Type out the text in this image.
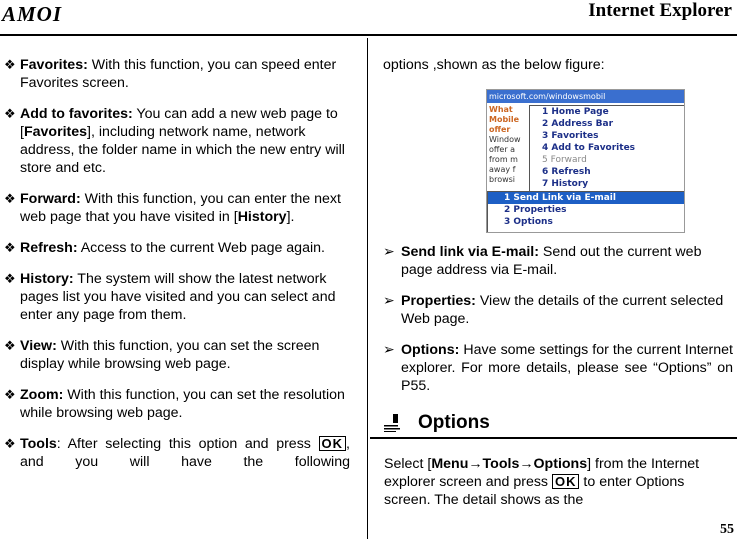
AMOI	Internet Explorer
❖ Favorites: With this function, you can speed enter Favorites screen.
❖ Add to favorites: You can add a new web page to [Favorites], including network name, network address, the folder name in which the new entry will store and etc.
❖ Forward: With this function, you can enter the next web page that you have visited in [History].
❖ Refresh: Access to the current Web page again.
❖ History: The system will show the latest network pages list you have visited and you can select and enter any page from them.
❖ View: With this function, you can set the screen display while browsing web page.
❖ Zoom: With this function, you can set the resolution while browsing web page.
❖ Tools: After selecting this option and press OK , and you will have the following
options ,shown as the below figure:
microsoft.com/windowsmobil
What
Mobile
offer
Window
offer a
from m
away f
browsi
1 Home Page
2 Address Bar
3 Favorites
4 Add to Favorites
5 Forward
6 Refresh
7 History
1 Send Link via E-mail
2 Properties
3 Options
➢ Send link via E-mail: Send out the current web page address via E-mail.
➢ Properties: View the details of the current selected Web page.
➢ Options: Have some settings for the current Internet explorer. For more details, please see “Options” on P55.
Options
Select [Menu→Tools→Options] from the Internet explorer screen and press OK to enter Options screen. The detail shows as the
55
